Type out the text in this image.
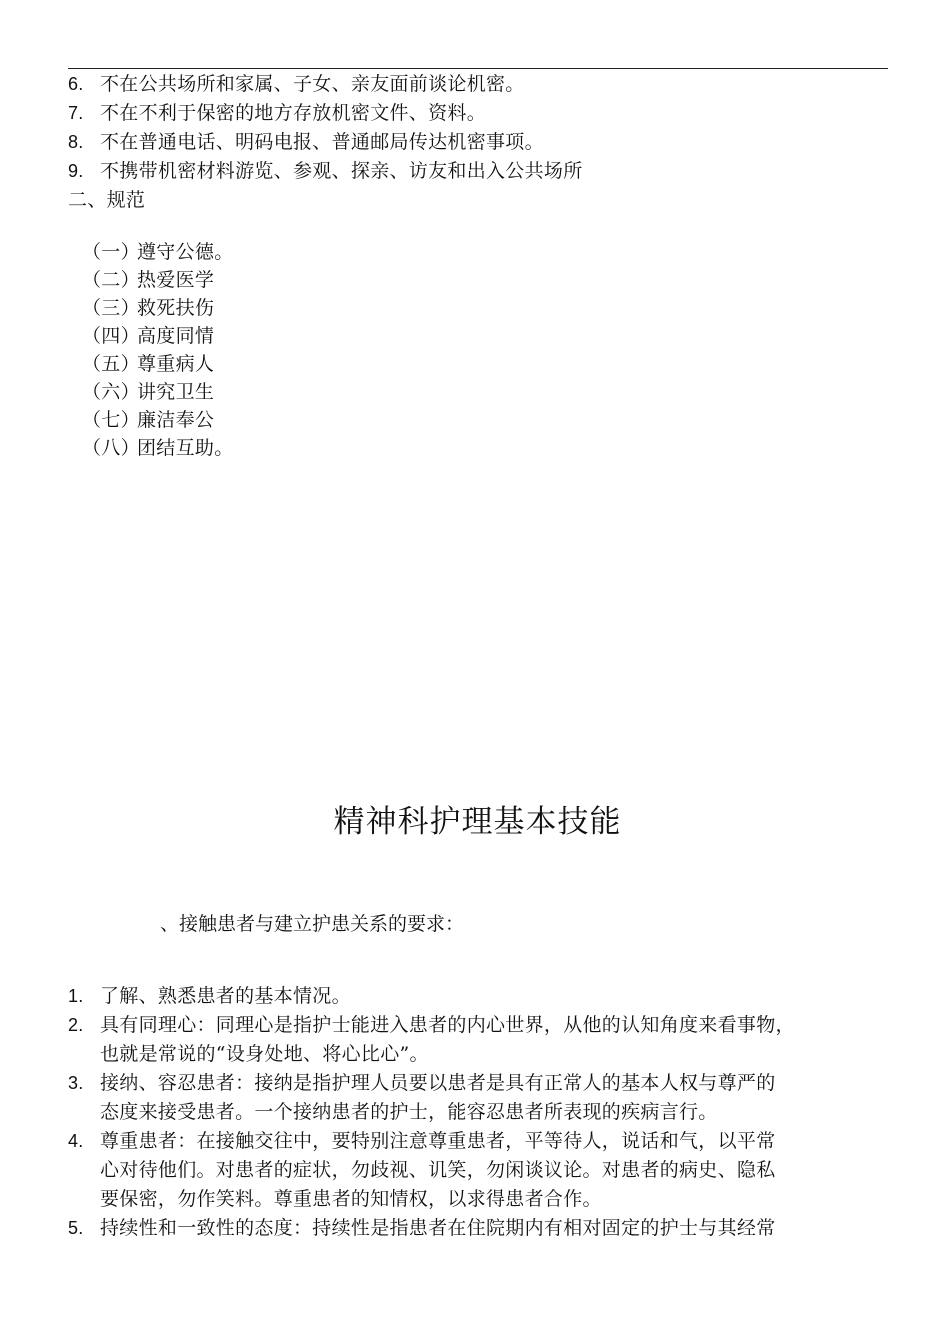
6. 不在公共场所和家属、子女、亲友面前谈论机密。
7. 不在不利于保密的地方存放机密文件、资料。
8. 不在普通电话、明码电报、普通邮局传达机密事项。
9. 不携带机密材料游览、参观、探亲、访友和出入公共场所
二、规范
（一）
遵守公德。
（二）
热爱医学
（三）
救死扶伤
（四）
高度同情
（五）
尊重病人
（六）
讲究卫生
（七）
廉洁奉公
（八）
团结互助。
精神科护理基本技能
、接触患者与建立护患关系的要求：
1. 了解、熟悉患者的基本情况。
2. 具有同理心：同理心是指护士能进入患者的内心世界，从他的认知角度来看事物，
也就是常说的“设身处地、将心比心”。
3. 接纳、容忍患者：接纳是指护理人员要以患者是具有正常人的基本人权与尊严的
态度来接受患者。一个接纳患者的护士，能容忍患者所表现的疾病言行。
4. 尊重患者：在接触交往中，要特别注意尊重患者，平等待人，说话和气，以平常
心对待他们。对患者的症状，勿歧视、讥笑，勿闲谈议论。对患者的病史、隐私
要保密，勿作笑料。尊重患者的知情权，以求得患者合作。
5. 持续性和一致性的态度：持续性是指患者在住院期内有相对固定的护士与其经常
